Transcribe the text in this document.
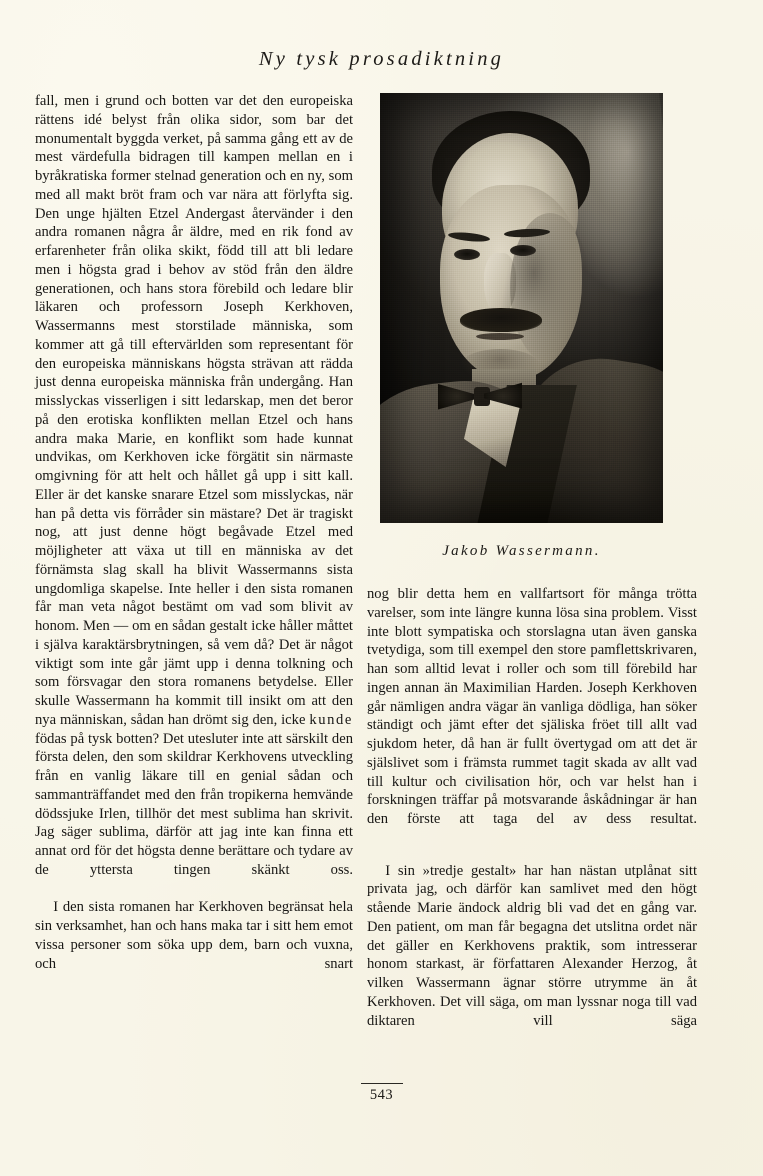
Ny tysk prosadiktning
Jakob Wassermann.

fall, men i grund och botten var det den europeiska rättens idé belyst från olika sidor, som bar det monumentalt byggda verket, på samma gång ett av de mest värdefulla bidragen till kampen mellan en i byråkratiska former stelnad generation och en ny, som med all makt bröt fram och var nära att förlyfta sig. Den unge hjälten Etzel Andergast återvänder i den andra romanen några år äldre, med en rik fond av erfarenheter från olika skikt, född till att bli ledare men i högsta grad i behov av stöd från den äldre generationen, och hans stora förebild och ledare blir läkaren och professorn Joseph Kerkhoven, Wassermanns mest storstilade människa, som kommer att gå till eftervärlden som representant för den europeiska människans högsta strävan att rädda just denna europeiska människa från undergång. Han misslyckas visserligen i sitt ledarskap, men det beror på den erotiska konflikten mellan Etzel och hans andra maka Marie, en konflikt som hade kunnat undvikas, om Kerkhoven icke förgätit sin närmaste omgivning för att helt och hållet gå upp i sitt kall. Eller är det kanske snarare Etzel som misslyckas, när han på detta vis förråder sin mästare? Det är tragiskt nog, att just denne högt begåvade Etzel med möjligheter att växa ut till en människa av det förnämsta slag skall ha blivit Wassermanns sista ungdomliga skapelse. Inte heller i den sista romanen får man veta något bestämt om vad som blivit av honom. Men — om en sådan gestalt icke håller måttet i själva karaktärsbrytningen, så vem då? Det är något viktigt som inte går jämt upp i denna tolkning och som försvagar den stora romanens betydelse. Eller skulle Wassermann ha kommit till insikt om att den nya människan, sådan han drömt sig den, icke kunde födas på tysk botten? Det utesluter inte att särskilt den första delen, den som skildrar Kerkhovens utveckling från en vanlig läkare till en genial sådan och sammanträffandet med den från tropikerna hemvände dödssjuke Irlen, tillhör det mest sublima han skrivit. Jag säger sublima, därför att jag inte kan finna ett annat ord för det högsta denne berättare och tydare av de yttersta tingen skänkt oss.

I den sista romanen har Kerkhoven begränsat hela sin verksamhet, han och hans maka tar i sitt hem emot vissa personer som söka upp dem, barn och vuxna, och snart

nog blir detta hem en vallfartsort för många trötta varelser, som inte längre kunna lösa sina problem. Visst inte blott sympatiska och storslagna utan även ganska tvetydiga, som till exempel den store pamflettskrivaren, han som alltid levat i roller och som till förebild har ingen annan än Maximilian Harden. Joseph Kerkhoven går nämligen andra vägar än vanliga dödliga, han söker ständigt och jämt efter det själiska fröet till allt vad sjukdom heter, då han är fullt övertygad om att det är själslivet som i främsta rummet tagit skada av allt vad till kultur och civilisation hör, och var helst han i forskningen träffar på motsvarande åskådningar är han den förste att taga del av dess resultat.

I sin »tredje gestalt» har han nästan utplånat sitt privata jag, och därför kan samlivet med den högt stående Marie ändock aldrig bli vad det en gång var. Den patient, om man får begagna det utslitna ordet när det gäller en Kerkhovens praktik, som intresserar honom starkast, är författaren Alexander Herzog, åt vilken Wassermann ägnar större utrymme än åt Kerkhoven. Det vill säga, om man lyssnar noga till vad diktaren vill säga

543
